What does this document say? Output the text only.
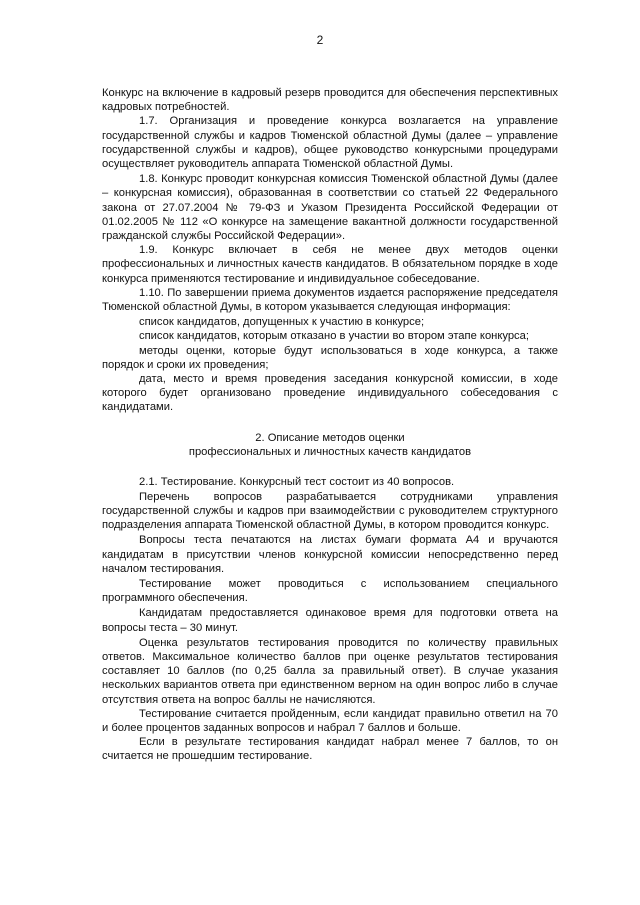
2

Конкурс на включение в кадровый резерв проводится для обеспечения перспективных кадровых потребностей.

1.7. Организация и проведение конкурса возлагается на управление государственной службы и кадров Тюменской областной Думы (далее – управление государственной службы и кадров), общее руководство конкурсными процедурами осуществляет руководитель аппарата Тюменской областной Думы.

1.8. Конкурс проводит конкурсная комиссия Тюменской областной Думы (далее – конкурсная комиссия), образованная в соответствии со статьей 22 Федерального закона от 27.07.2004 № 79-ФЗ и Указом Президента Российской Федерации от 01.02.2005 № 112 «О конкурсе на замещение вакантной должности государственной гражданской службы Российской Федерации».

1.9. Конкурс включает в себя не менее двух методов оценки профессиональных и личностных качеств кандидатов. В обязательном порядке в ходе конкурса применяются тестирование и индивидуальное собеседование.

1.10. По завершении приема документов издается распоряжение председателя Тюменской областной Думы, в котором указывается следующая информация:

список кандидатов, допущенных к участию в конкурсе;

список кандидатов, которым отказано в участии во втором этапе конкурса;

методы оценки, которые будут использоваться в ходе конкурса, а также порядок и сроки их проведения;

дата, место и время проведения заседания конкурсной комиссии, в ходе которого будет организовано проведение индивидуального собеседования с кандидатами.

2. Описание методов оценки
профессиональных и личностных качеств кандидатов

2.1. Тестирование. Конкурсный тест состоит из 40 вопросов.

Перечень вопросов разрабатывается сотрудниками управления государственной службы и кадров при взаимодействии с руководителем структурного подразделения аппарата Тюменской областной Думы, в котором проводится конкурс.

Вопросы теста печатаются на листах бумаги формата А4 и вручаются кандидатам в присутствии членов конкурсной комиссии непосредственно перед началом тестирования.

Тестирование может проводиться с использованием специального программного обеспечения.

Кандидатам предоставляется одинаковое время для подготовки ответа на вопросы теста – 30 минут.

Оценка результатов тестирования проводится по количеству правильных ответов. Максимальное количество баллов при оценке результатов тестирования составляет 10 баллов (по 0,25 балла за правильный ответ). В случае указания нескольких вариантов ответа при единственном верном на один вопрос либо в случае отсутствия ответа на вопрос баллы не начисляются.

Тестирование считается пройденным, если кандидат правильно ответил на 70 и более процентов заданных вопросов и набрал 7 баллов и больше.

Если в результате тестирования кандидат набрал менее 7 баллов, то он считается не прошедшим тестирование.
